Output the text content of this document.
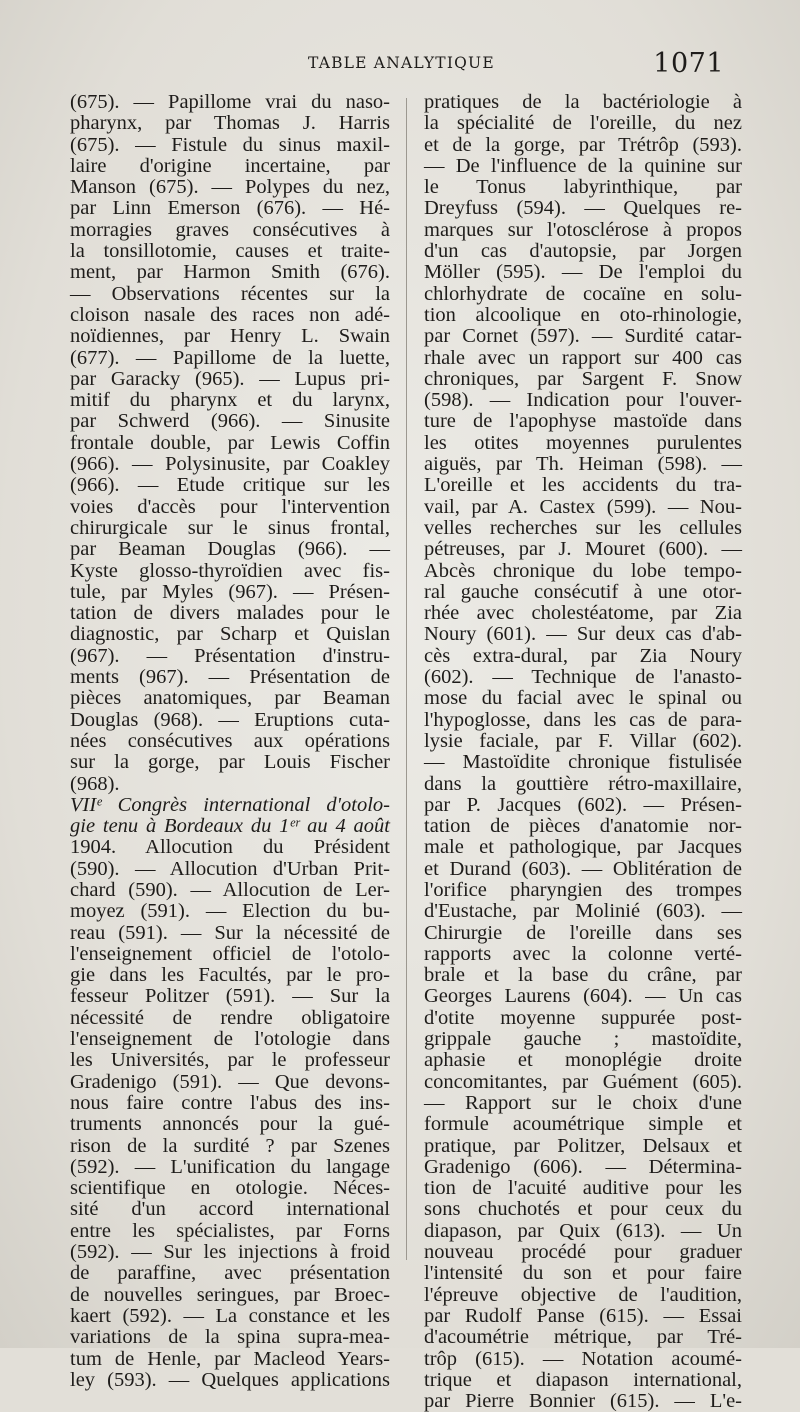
TABLE ANALYTIQUE	1071
(675). — Papillome vrai du naso-
pharynx, par Thomas J. Harris
(675). — Fistule du sinus maxil-
laire d'origine incertaine, par
Manson (675). — Polypes du nez,
par Linn Emerson (676). — Hé-
morragies graves consécutives à
la tonsillotomie, causes et traite-
ment, par Harmon Smith (676).
— Observations récentes sur la
cloison nasale des races non adé-
noïdiennes, par Henry L. Swain
(677). — Papillome de la luette,
par Garacky (965). — Lupus pri-
mitif du pharynx et du larynx,
par Schwerd (966). — Sinusite
frontale double, par Lewis Coffin
(966). — Polysinusite, par Coakley
(966). — Etude critique sur les
voies d'accès pour l'intervention
chirurgicale sur le sinus frontal,
par Beaman Douglas (966). —
Kyste glosso-thyroïdien avec fis-
tule, par Myles (967). — Présen-
tation de divers malades pour le
diagnostic, par Scharp et Quislan
(967). — Présentation d'instru-
ments (967). — Présentation de
pièces anatomiques, par Beaman
Douglas (968). — Eruptions cuta-
nées consécutives aux opérations
sur la gorge, par Louis Fischer
(968).
VIIᵉ Congrès international d'otolo-
gie tenu à Bordeaux du 1ᵉʳ au 4 août
1904. Allocution du Président
(590). — Allocution d'Urban Prit-
chard (590). — Allocution de Ler-
moyez (591). — Election du bu-
reau (591). — Sur la nécessité de
l'enseignement officiel de l'otolo-
gie dans les Facultés, par le pro-
fesseur Politzer (591). — Sur la
nécessité de rendre obligatoire
l'enseignement de l'otologie dans
les Universités, par le professeur
Gradenigo (591). — Que devons-
nous faire contre l'abus des ins-
truments annoncés pour la gué-
rison de la surdité ? par Szenes
(592). — L'unification du langage
scientifique en otologie. Néces-
sité d'un accord international
entre les spécialistes, par Forns
(592). — Sur les injections à froid
de paraffine, avec présentation
de nouvelles seringues, par Broec-
kaert (592). — La constance et les
variations de la spina supra-mea-
tum de Henle, par Macleod Years-
ley (593). — Quelques applications
pratiques de la bactériologie à
la spécialité de l'oreille, du nez
et de la gorge, par Trétrôp (593).
— De l'influence de la quinine sur
le Tonus labyrinthique, par
Dreyfuss (594). — Quelques re-
marques sur l'otosclérose à propos
d'un cas d'autopsie, par Jorgen
Möller (595). — De l'emploi du
chlorhydrate de cocaïne en solu-
tion alcoolique en oto-rhinologie,
par Cornet (597). — Surdité catar-
rhale avec un rapport sur 400 cas
chroniques, par Sargent F. Snow
(598). — Indication pour l'ouver-
ture de l'apophyse mastoïde dans
les otites moyennes purulentes
aiguës, par Th. Heiman (598). —
L'oreille et les accidents du tra-
vail, par A. Castex (599). — Nou-
velles recherches sur les cellules
pétreuses, par J. Mouret (600). —
Abcès chronique du lobe tempo-
ral gauche consécutif à une otor-
rhée avec cholestéatome, par Zia
Noury (601). — Sur deux cas d'ab-
cès extra-dural, par Zia Noury
(602). — Technique de l'anasto-
mose du facial avec le spinal ou
l'hypoglosse, dans les cas de para-
lysie faciale, par F. Villar (602).
— Mastoïdite chronique fistulisée
dans la gouttière rétro-maxillaire,
par P. Jacques (602). — Présen-
tation de pièces d'anatomie nor-
male et pathologique, par Jacques
et Durand (603). — Oblitération de
l'orifice pharyngien des trompes
d'Eustache, par Molinié (603). —
Chirurgie de l'oreille dans ses
rapports avec la colonne verté-
brale et la base du crâne, par
Georges Laurens (604). — Un cas
d'otite moyenne suppurée post-
grippale gauche ; mastoïdite,
aphasie et monoplégie droite
concomitantes, par Guément (605).
— Rapport sur le choix d'une
formule acoumétrique simple et
pratique, par Politzer, Delsaux et
Gradenigo (606). — Détermina-
tion de l'acuité auditive pour les
sons chuchotés et pour ceux du
diapason, par Quix (613). — Un
nouveau procédé pour graduer
l'intensité du son et pour faire
l'épreuve objective de l'audition,
par Rudolf Panse (615). — Essai
d'acoumétrie métrique, par Tré-
trôp (615). — Notation acoumé-
trique et diapason international,
par Pierre Bonnier (615). — L'e-
